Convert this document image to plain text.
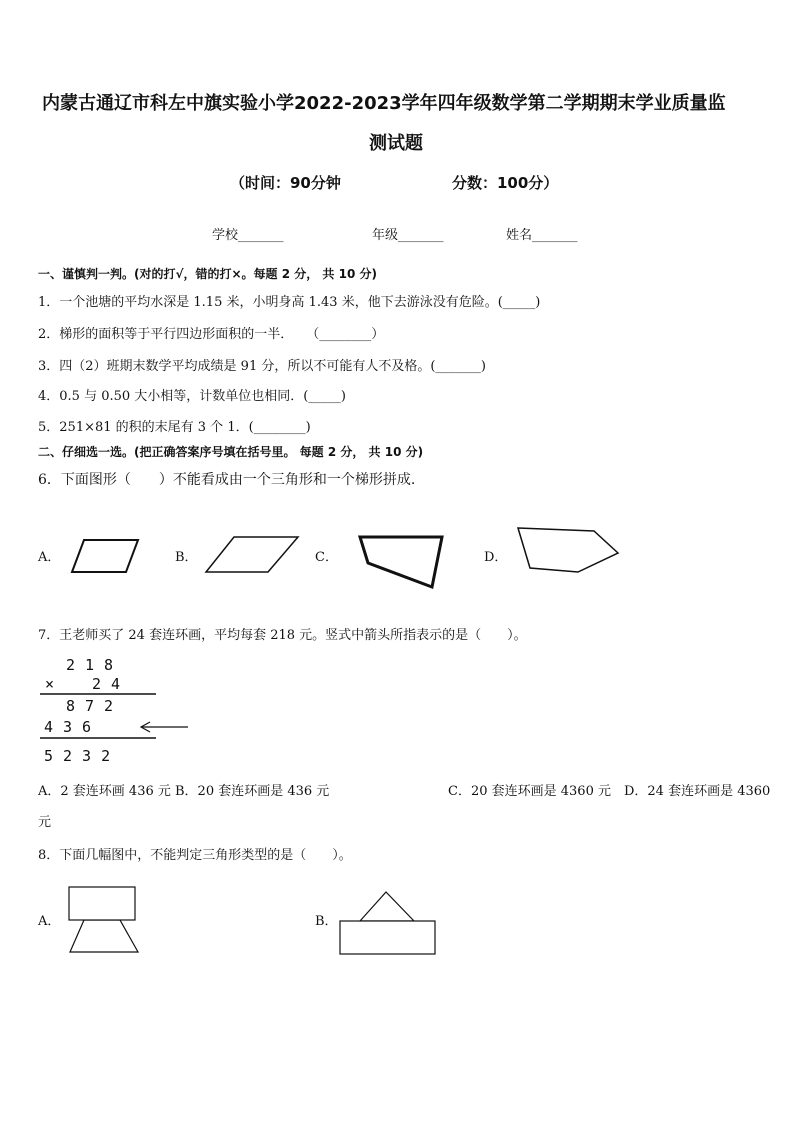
内蒙古通辽市科左中旗实验小学2022-2023学年四年级数学第二学期期末学业质量监
测试题
（时间：90分钟	分数：100分）
学校_______	年级_______	姓名_______
一、谨慎判一判。(对的打√，错的打×。每题 2 分， 共 10 分)
1．一个池塘的平均水深是 1.15 米，小明身高 1.43 米，他下去游泳没有危险。(_____)
2．梯形的面积等于平行四边形面积的一半．　　（________）
3．四（2）班期末数学平均成绩是 91 分，所以不可能有人不及格。(_______)
4．0.5 与 0.50 大小相等，计数单位也相同．(_____)
5．251×81 的积的末尾有 3 个 1．(________)
二、仔细选一选。(把正确答案序号填在括号里。 每题 2 分， 共 10 分)
6．下面图形（　　）不能看成由一个三角形和一个梯形拼成.
A．	B．	C．	D．
7．王老师买了 24 套连环画，平均每套 218 元。竖式中箭头所指表示的是（　　）。
218
×	24
872
436
5232
A．2 套连环画 436 元 B．20 套连环画是 436 元	C．20 套连环画是 4360 元　D．24 套连环画是 4360
元
8．下面几幅图中，不能判定三角形类型的是（　　）。
A．	B．
